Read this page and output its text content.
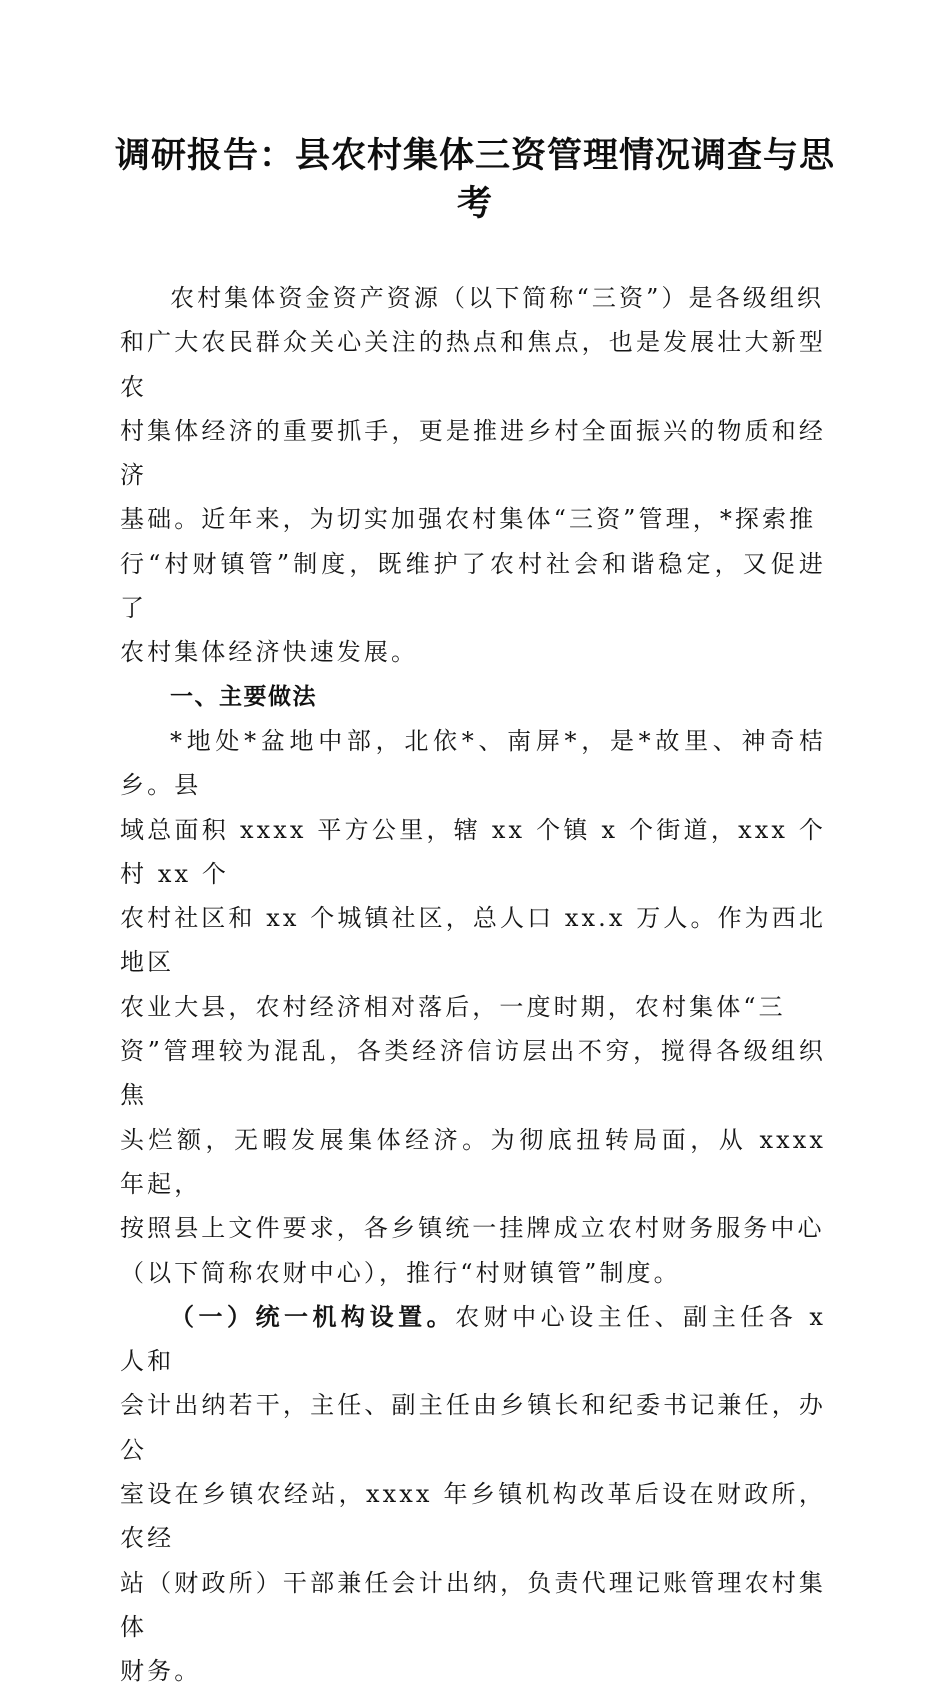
调研报告：县农村集体三资管理情况调查与思考

农村集体资金资产资源（以下简称“三资”）是各级组织
和广大农民群众关心关注的热点和焦点，也是发展壮大新型农
村集体经济的重要抓手，更是推进乡村全面振兴的物质和经济
基础。近年来，为切实加强农村集体“三资”管理，*探索推
行“村财镇管”制度，既维护了农村社会和谐稳定，又促进了
农村集体经济快速发展。

一、主要做法

*地处*盆地中部，北依*、南屏*，是*故里、神奇桔乡。县
域总面积 xxxx 平方公里，辖 xx 个镇 x 个街道，xxx 个村 xx 个
农村社区和 xx 个城镇社区，总人口 xx.x 万人。作为西北地区
农业大县，农村经济相对落后，一度时期，农村集体“三
资”管理较为混乱，各类经济信访层出不穷，搅得各级组织焦
头烂额，无暇发展集体经济。为彻底扭转局面，从 xxxx 年起，
按照县上文件要求，各乡镇统一挂牌成立农村财务服务中心
（以下简称农财中心），推行“村财镇管”制度。

（一）统一机构设置。农财中心设主任、副主任各 x 人和
会计出纳若干，主任、副主任由乡镇长和纪委书记兼任，办公
室设在乡镇农经站，xxxx 年乡镇机构改革后设在财政所，农经
站（财政所）干部兼任会计出纳，负责代理记账管理农村集体
财务。
